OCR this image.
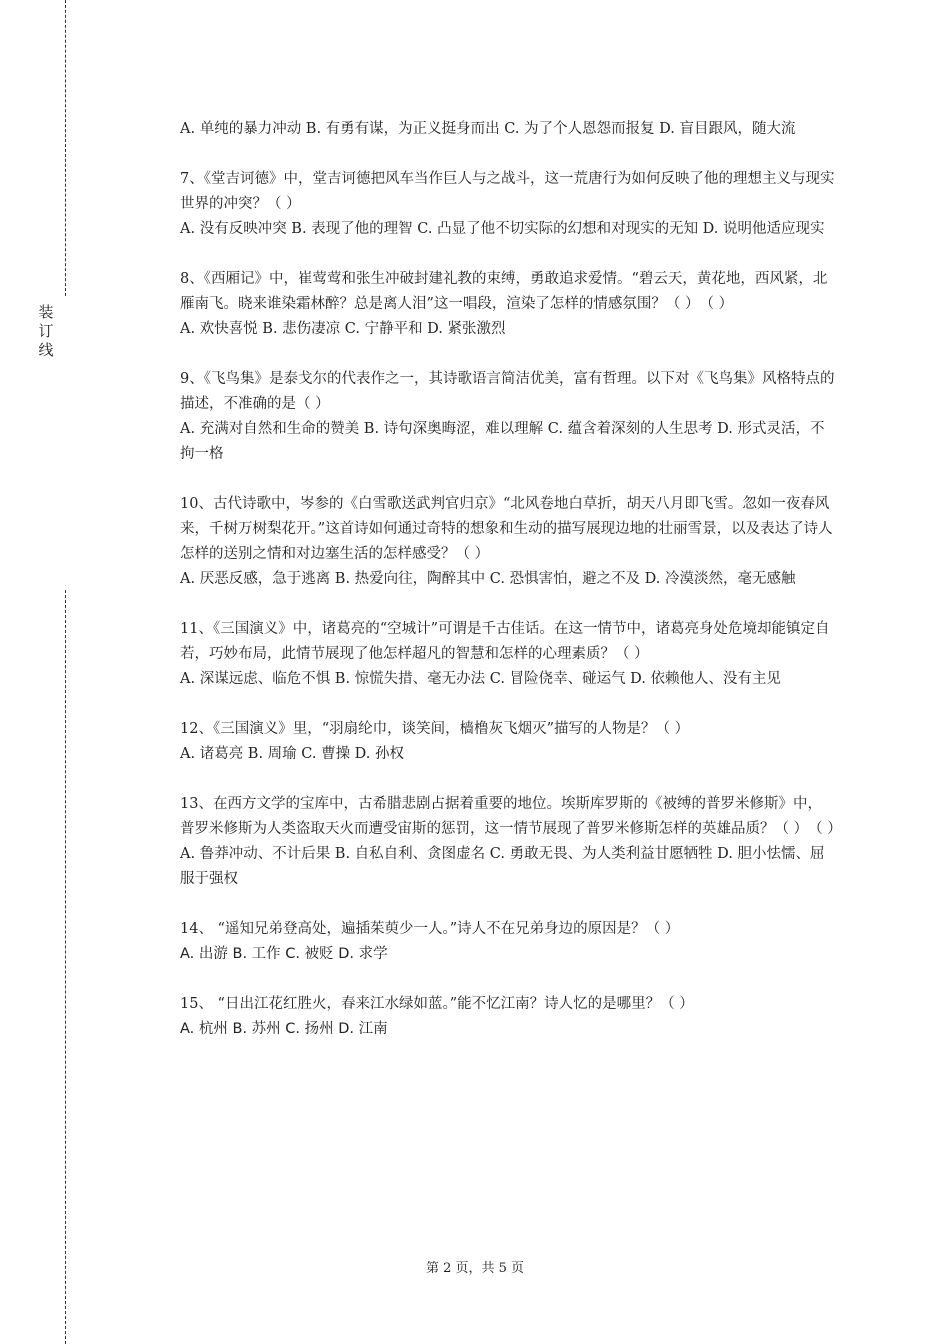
装
订
线

A. 单纯的暴力冲动 B. 有勇有谋，为正义挺身而出 C. 为了个人恩怨而报复 D. 盲目跟风，随大流

7、《堂吉诃德》中，堂吉诃德把风车当作巨人与之战斗，这一荒唐行为如何反映了他的理想主义与现实世界的冲突？（ ）

A. 没有反映冲突 B. 表现了他的理智 C. 凸显了他不切实际的幻想和对现实的无知 D. 说明他适应现实

8、《西厢记》中，崔莺莺和张生冲破封建礼教的束缚，勇敢追求爱情。“碧云天，黄花地，西风紧，北雁南飞。晓来谁染霜林醉？总是离人泪”这一唱段，渲染了怎样的情感氛围？（ ）　（ ）

A. 欢快喜悦 B. 悲伤凄凉 C. 宁静平和 D. 紧张激烈

9、《飞鸟集》是泰戈尔的代表作之一，其诗歌语言简洁优美，富有哲理。以下对《飞鸟集》风格特点的描述，不准确的是（ ）

A. 充满对自然和生命的赞美 B. 诗句深奥晦涩，难以理解 C. 蕴含着深刻的人生思考 D. 形式灵活，不拘一格

10、古代诗歌中，岑参的《白雪歌送武判官归京》“北风卷地白草折，胡天八月即飞雪。忽如一夜春风来，千树万树梨花开。”这首诗如何通过奇特的想象和生动的描写展现边地的壮丽雪景，以及表达了诗人怎样的送别之情和对边塞生活的怎样感受？（ ）

A. 厌恶反感，急于逃离 B. 热爱向往，陶醉其中 C. 恐惧害怕，避之不及 D. 冷漠淡然，毫无感触

11、《三国演义》中，诸葛亮的“空城计”可谓是千古佳话。在这一情节中，诸葛亮身处危境却能镇定自若，巧妙布局，此情节展现了他怎样超凡的智慧和怎样的心理素质？（ ）

A. 深谋远虑、临危不惧 B. 惊慌失措、毫无办法 C. 冒险侥幸、碰运气 D. 依赖他人、没有主见

12、《三国演义》里，“羽扇纶巾，谈笑间，樯橹灰飞烟灭”描写的人物是？（ ）

A. 诸葛亮 B. 周瑜 C. 曹操 D. 孙权

13、在西方文学的宝库中，古希腊悲剧占据着重要的地位。埃斯库罗斯的《被缚的普罗米修斯》中，普罗米修斯为人类盗取天火而遭受宙斯的惩罚，这一情节展现了普罗米修斯怎样的英雄品质？（ ）　（ ）

A. 鲁莽冲动、不计后果 B. 自私自利、贪图虚名 C. 勇敢无畏、为人类利益甘愿牺牲 D. 胆小怯懦、屈服于强权

14、 “遥知兄弟登高处，遍插茱萸少一人。”诗人不在兄弟身边的原因是？（ ）

A. 出游 B. 工作 C. 被贬 D. 求学

15、 “日出江花红胜火，春来江水绿如蓝。”能不忆江南？诗人忆的是哪里？（ ）

A. 杭州 B. 苏州 C. 扬州 D. 江南

第 2 页，共 5 页
